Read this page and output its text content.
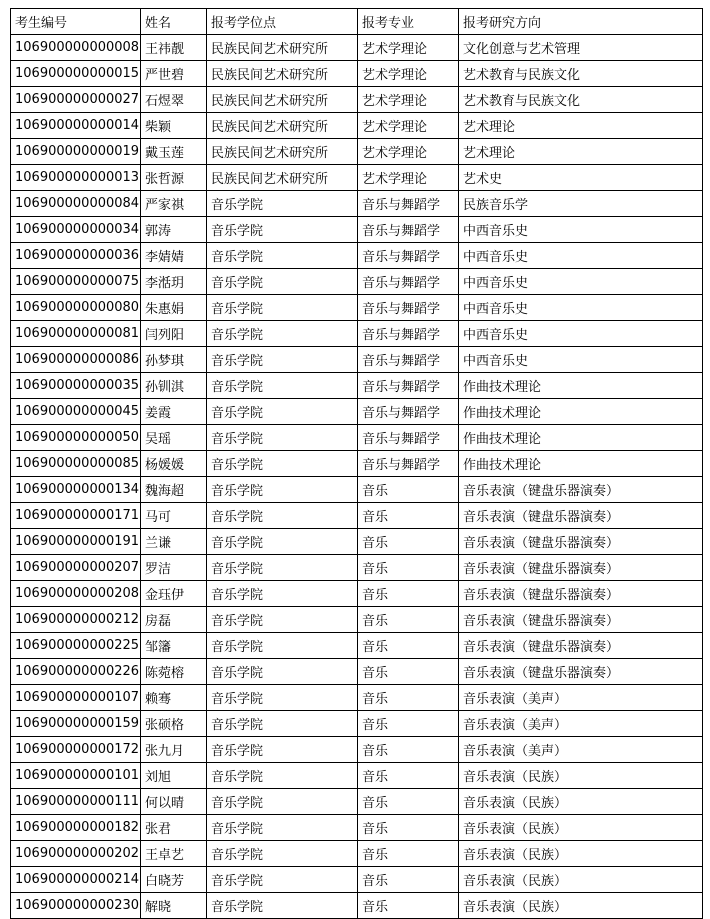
考生编号	姓名	报考学位点	报考专业	报考研究方向
106900000000008	王祎靓	民族民间艺术研究所	艺术学理论	文化创意与艺术管理
106900000000015	严世碧	民族民间艺术研究所	艺术学理论	艺术教育与民族文化
106900000000027	石煜翠	民族民间艺术研究所	艺术学理论	艺术教育与民族文化
106900000000014	柴颖	民族民间艺术研究所	艺术学理论	艺术理论
106900000000019	戴玉莲	民族民间艺术研究所	艺术学理论	艺术理论
106900000000013	张哲源	民族民间艺术研究所	艺术学理论	艺术史
106900000000084	严家祺	音乐学院	音乐与舞蹈学	民族音乐学
106900000000034	郭涛	音乐学院	音乐与舞蹈学	中西音乐史
106900000000036	李婧婧	音乐学院	音乐与舞蹈学	中西音乐史
106900000000075	李湉玥	音乐学院	音乐与舞蹈学	中西音乐史
106900000000080	朱惠娟	音乐学院	音乐与舞蹈学	中西音乐史
106900000000081	闫列阳	音乐学院	音乐与舞蹈学	中西音乐史
106900000000086	孙梦琪	音乐学院	音乐与舞蹈学	中西音乐史
106900000000035	孙钏淇	音乐学院	音乐与舞蹈学	作曲技术理论
106900000000045	姜霞	音乐学院	音乐与舞蹈学	作曲技术理论
106900000000050	吴瑶	音乐学院	音乐与舞蹈学	作曲技术理论
106900000000085	杨媛媛	音乐学院	音乐与舞蹈学	作曲技术理论
106900000000134	魏海超	音乐学院	音乐	音乐表演（键盘乐器演奏）
106900000000171	马可	音乐学院	音乐	音乐表演（键盘乐器演奏）
106900000000191	兰谦	音乐学院	音乐	音乐表演（键盘乐器演奏）
106900000000207	罗洁	音乐学院	音乐	音乐表演（键盘乐器演奏）
106900000000208	金珏伊	音乐学院	音乐	音乐表演（键盘乐器演奏）
106900000000212	房磊	音乐学院	音乐	音乐表演（键盘乐器演奏）
106900000000225	邹籓	音乐学院	音乐	音乐表演（键盘乐器演奏）
106900000000226	陈菀榕	音乐学院	音乐	音乐表演（键盘乐器演奏）
106900000000107	赖骞	音乐学院	音乐	音乐表演（美声）
106900000000159	张硕格	音乐学院	音乐	音乐表演（美声）
106900000000172	张九月	音乐学院	音乐	音乐表演（美声）
106900000000101	刘旭	音乐学院	音乐	音乐表演（民族）
106900000000111	何以晴	音乐学院	音乐	音乐表演（民族）
106900000000182	张君	音乐学院	音乐	音乐表演（民族）
106900000000202	王卓艺	音乐学院	音乐	音乐表演（民族）
106900000000214	白晓芳	音乐学院	音乐	音乐表演（民族）
106900000000230	解晓	音乐学院	音乐	音乐表演（民族）
